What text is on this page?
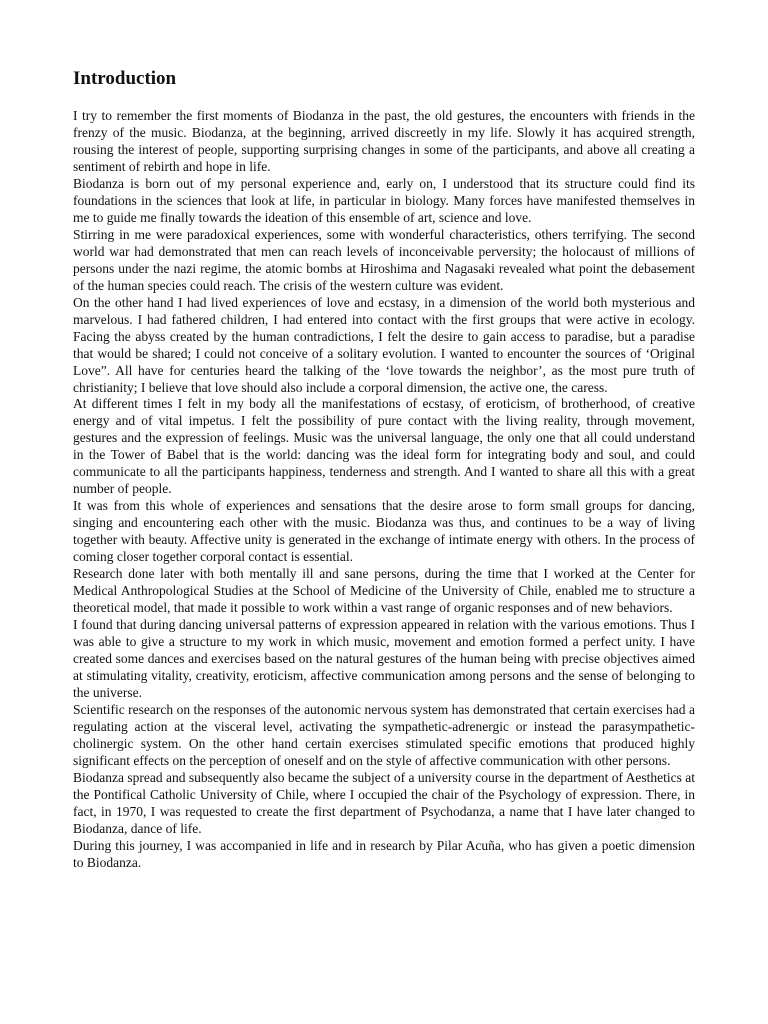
Introduction

I try to remember the first moments of Biodanza in the past, the old gestures, the encounters with friends in the frenzy of the music. Biodanza, at the beginning, arrived discreetly in my life. Slowly it has acquired strength, rousing the interest of people, supporting surprising changes in some of the participants, and above all creating a sentiment of rebirth and hope in life.

Biodanza is born out of my personal experience and, early on, I understood that its structure could find its foundations in the sciences that look at life, in particular in biology. Many forces have manifested themselves in me to guide me finally towards the ideation of this ensemble of art, science and love.

Stirring in me were paradoxical experiences, some with wonderful characteristics, others terrifying. The second world war had demonstrated that men can reach levels of inconceivable perversity; the holocaust of millions of persons under the nazi regime, the atomic bombs at Hiroshima and Nagasaki revealed what point the debasement of the human species could reach. The crisis of the western culture was evident.

On the other hand I had lived experiences of love and ecstasy, in a dimension of the world both mysterious and marvelous. I had fathered children, I had entered into contact with the first groups that were active in ecology. Facing the abyss created by the human contradictions, I felt the desire to gain access to paradise, but a paradise that would be shared; I could not conceive of a solitary evolution. I wanted to encounter the sources of ‘Original Love”. All have for centuries heard the talking of the ‘love towards the neighbor’, as the most pure truth of christianity; I believe that love should also include a corporal dimension, the active one, the caress.

At different times I felt in my body all the manifestations of ecstasy, of eroticism, of brotherhood, of creative energy and of vital impetus. I felt the possibility of pure contact with the living reality, through movement, gestures and the expression of feelings. Music was the universal language, the only one that all could understand in the Tower of Babel that is the world: dancing was the ideal form for integrating body and soul, and could communicate to all the participants happiness, tenderness and strength. And I wanted to share all this with a great number of people.

It was from this whole of experiences and sensations that the desire arose to form small groups for dancing, singing and encountering each other with the music. Biodanza was thus, and continues to be a way of living together with beauty. Affective unity is generated in the exchange of intimate energy with others. In the process of coming closer together corporal contact is essential.

Research done later with both mentally ill and sane persons, during the time that I worked at the Center for Medical Anthropological Studies at the School of Medicine of the University of Chile, enabled me to structure a theoretical model, that made it possible to work within a vast range of organic responses and of new behaviors.

I found that during dancing universal patterns of expression appeared in relation with the various emotions. Thus I was able to give a structure to my work in which music, movement and emotion formed a perfect unity. I have created some dances and exercises based on the natural gestures of the human being with precise objectives aimed at stimulating vitality, creativity, eroticism, affective communication among persons and the sense of belonging to the universe.

Scientific research on the responses of the autonomic nervous system has demonstrated that certain exercises had a regulating action at the visceral level, activating the sympathetic-adrenergic or instead the parasympathetic-cholinergic system. On the other hand certain exercises stimulated specific emotions that produced highly significant effects on the perception of oneself and on the style of affective communication with other persons.

Biodanza spread and subsequently also became the subject of a university course in the department of Aesthetics at the Pontifical Catholic University of Chile, where I occupied the chair of the Psychology of expression. There, in fact, in 1970, I was requested to create the first department of Psychodanza, a name that I have later changed to Biodanza, dance of life.

During this journey, I was accompanied in life and in research by Pilar Acuña, who has given a poetic dimension to Biodanza.
